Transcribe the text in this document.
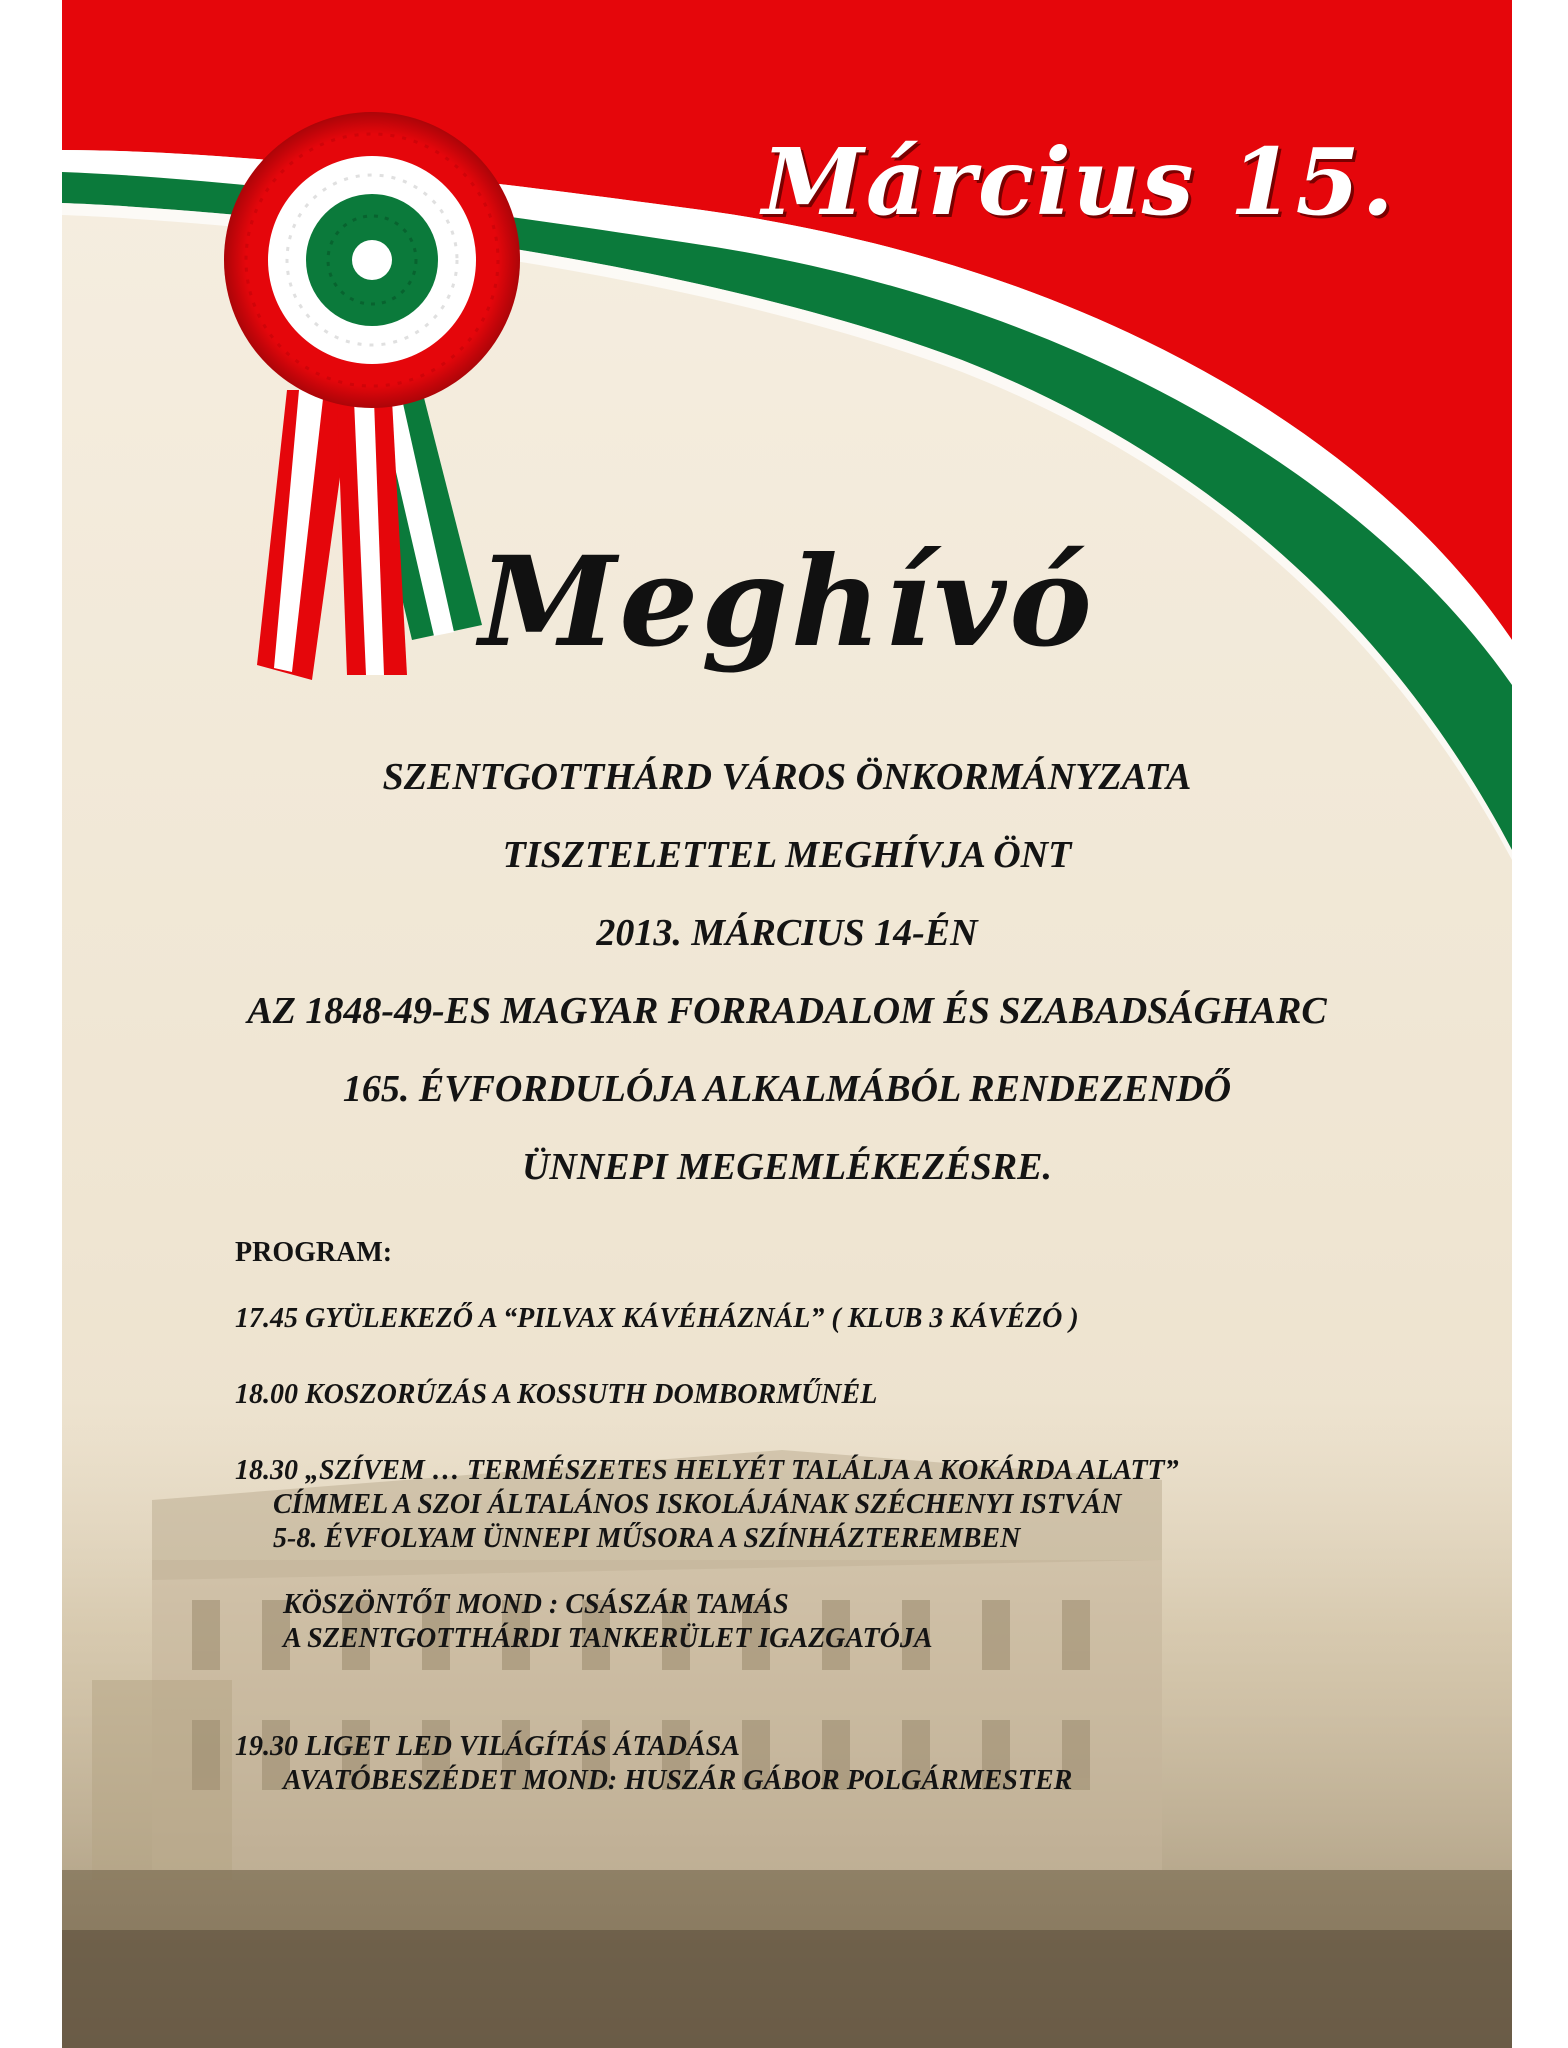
Március 15.
Meghívó
SZENTGOTTHÁRD VÁROS ÖNKORMÁNYZATA
TISZTELETTEL MEGHÍVJA ÖNT
2013. MÁRCIUS 14-ÉN
AZ 1848-49-ES MAGYAR FORRADALOM ÉS SZABADSÁGHARC
165. ÉVFORDULÓJA ALKALMÁBÓL RENDEZENDŐ
ÜNNEPI MEGEMLÉKEZÉSRE.
PROGRAM:
17.45 GYÜLEKEZŐ A “PILVAX KÁVÉHÁZNÁL” ( KLUB 3 KÁVÉZÓ )
18.00 KOSZORÚZÁS A KOSSUTH DOMBORMŰNÉL
18.30 „SZÍVEM … TERMÉSZETES HELYÉT TALÁLJA A KOKÁRDA ALATT”
CÍMMEL A SZOI ÁLTALÁNOS ISKOLÁJÁNAK SZÉCHENYI ISTVÁN
5-8. ÉVFOLYAM ÜNNEPI MŰSORA A SZÍNHÁZTEREMBEN
KÖSZÖNTŐT MOND : CSÁSZÁR TAMÁS
A SZENTGOTTHÁRDI TANKERÜLET IGAZGATÓJA
19.30 LIGET LED VILÁGÍTÁS ÁTADÁSA
AVATÓBESZÉDET MOND: HUSZÁR GÁBOR POLGÁRMESTER
